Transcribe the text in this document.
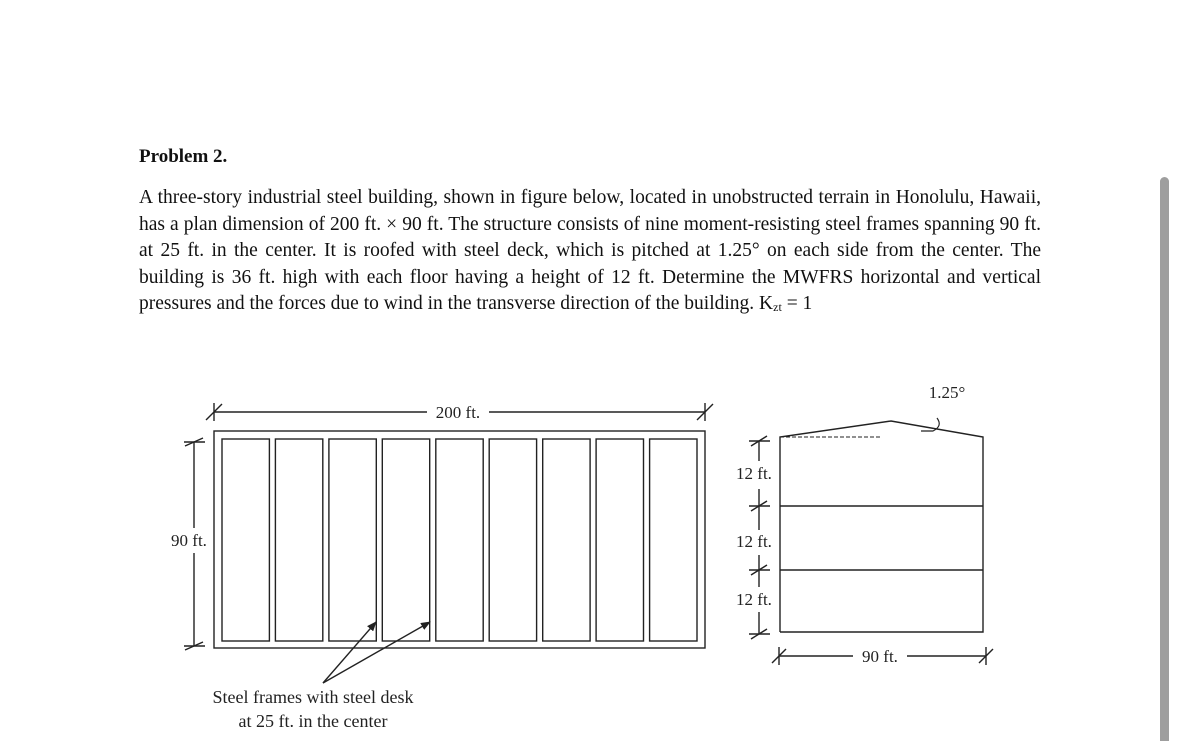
Problem 2.
A three-story industrial steel building, shown in figure below, located in unobstructed terrain in Honolulu, Hawaii, has a plan dimension of 200 ft. × 90 ft. The structure consists of nine moment-resisting steel frames spanning 90 ft. at 25 ft. in the center. It is roofed with steel deck, which is pitched at 1.25° on each side from the center. The building is 36 ft. high with each floor having a height of 12 ft. Determine the MWFRS horizontal and vertical pressures and the forces due to wind in the transverse direction of the building. $K_{zt} = 1$
200 ft.
90 ft.
Steel frames with steel desk
at 25 ft. in the center
1.25°
12 ft.
12 ft.
12 ft.
90 ft.
